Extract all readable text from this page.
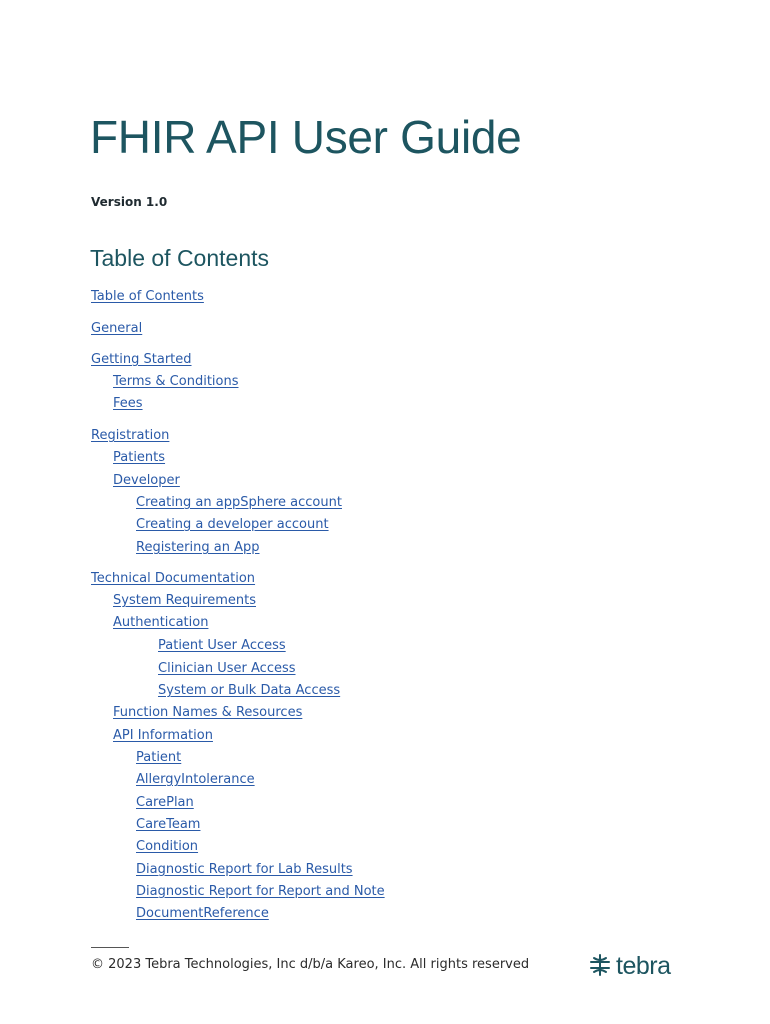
FHIR API User Guide
Version 1.0
Table of Contents
Table of Contents
General
Getting Started
Terms & Conditions
Fees
Registration
Patients
Developer
Creating an appSphere account
Creating a developer account
Registering an App
Technical Documentation
System Requirements
Authentication
Patient User Access
Clinician User Access
System or Bulk Data Access
Function Names & Resources
API Information
Patient
AllergyIntolerance
CarePlan
CareTeam
Condition
Diagnostic Report for Lab Results
Diagnostic Report for Report and Note
DocumentReference
© 2023 Tebra Technologies, Inc d/b/a Kareo, Inc. All rights reserved	tebra
